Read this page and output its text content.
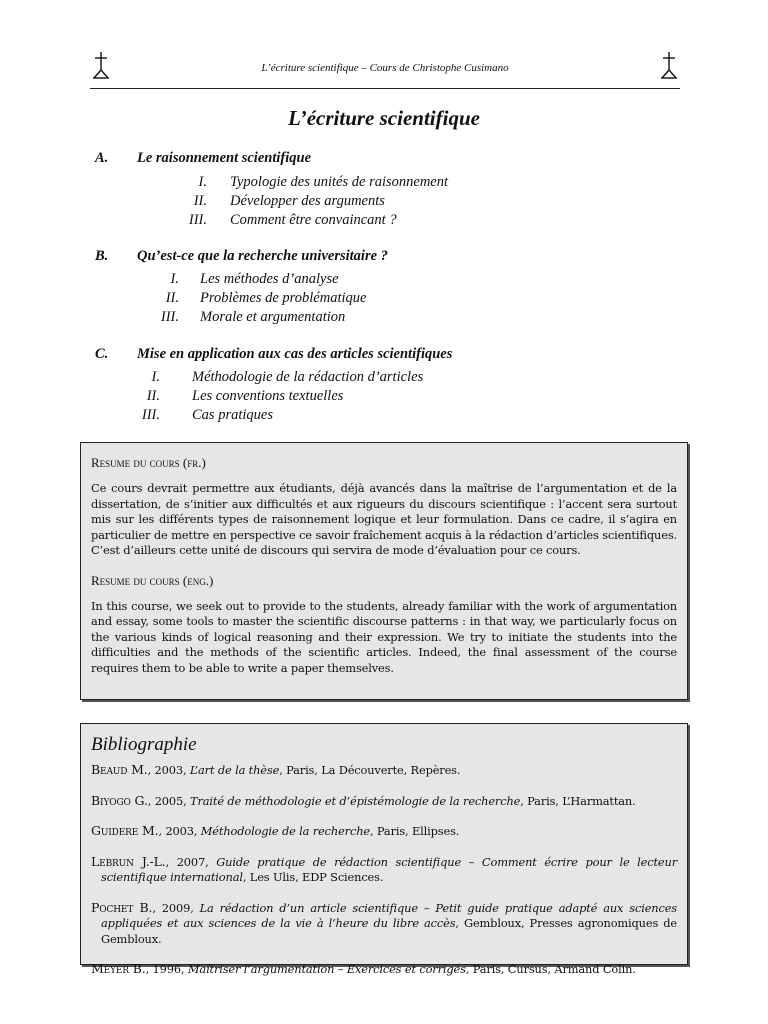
L’écriture scientifique – Cours de Christophe Cusimano
L’écriture scientifique
A. Le raisonnement scientifique
I. Typologie des unités de raisonnement
II. Développer des arguments
III. Comment être convaincant ?
B. Qu’est-ce que la recherche universitaire ?
I. Les méthodes d’analyse
II. Problèmes de problématique
III. Morale et argumentation
C. Mise en application aux cas des articles scientifiques
I. Méthodologie de la rédaction d’articles
II. Les conventions textuelles
III. Cas pratiques
Resume du cours (fr.)

Ce cours devrait permettre aux étudiants, déjà avancés dans la maîtrise de l’argumentation et de la dissertation, de s’initier aux difficultés et aux rigueurs du discours scientifique : l’accent sera surtout mis sur les différents types de raisonnement logique et leur formulation. Dans ce cadre, il s’agira en particulier de mettre en perspective ce savoir fraîchement acquis à la rédaction d’articles scientifiques. C’est d’ailleurs cette unité de discours qui servira de mode d’évaluation pour ce cours.

Resume du cours (eng.)

In this course, we seek out to provide to the students, already familiar with the work of argumentation and essay, some tools to master the scientific discourse patterns : in that way, we particularly focus on the various kinds of logical reasoning and their expression. We try to initiate the students into the difficulties and the methods of the scientific articles. Indeed, the final assessment of the course requires them to be able to write a paper themselves.

Bibliographie

Beaud M., 2003, L’art de la thèse, Paris, La Découverte, Repères.

Biyogo G., 2005, Traité de méthodologie et d’épistémologie de la recherche, Paris, L’Harmattan.

Guidere M., 2003, Méthodologie de la recherche, Paris, Ellipses.

Lebrun J.-L., 2007, Guide pratique de rédaction scientifique – Comment écrire pour le lecteur scientifique international, Les Ulis, EDP Sciences.

Pochet B., 2009, La rédaction d’un article scientifique – Petit guide pratique adapté aux sciences appliquées et aux sciences de la vie à l’heure du libre accès, Gembloux, Presses agronomiques de Gembloux.

Meyer B., 1996, Maîtriser l’argumentation – Exercices et corrigés, Paris, Cursus, Armand Colin.
